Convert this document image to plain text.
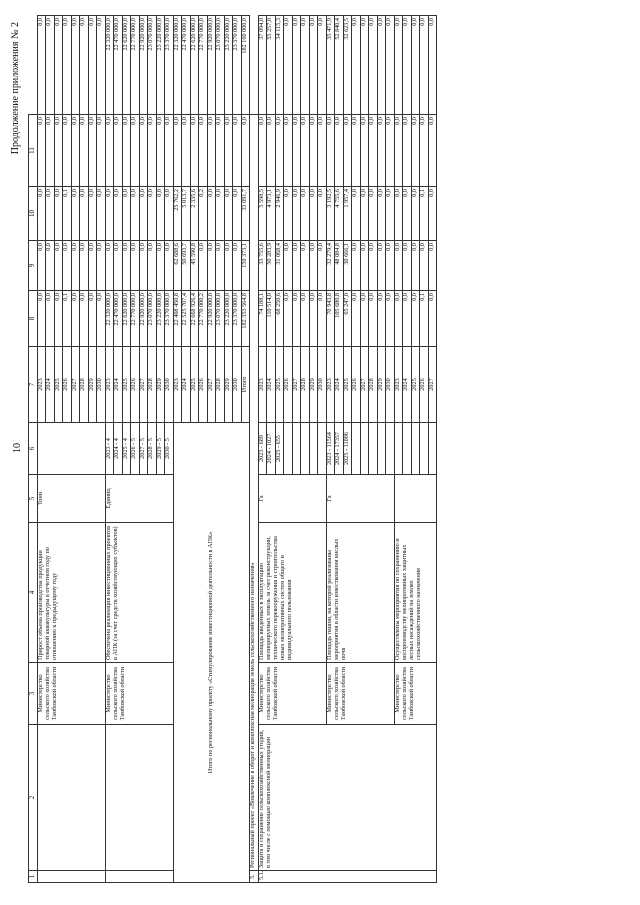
10
Продолжение приложения № 2
1	2	3	4	5	6	7	8	9	10	11	
		Министерство сельского хозяйства Тамбовской области	Прирост объема производства продукции товарной аквакультуры в отчетном году по отношению к предыдущему году	Тонн		2023	0,0	0,0	0,0	0,0	0,0
						2024	0,0	0,0	0,0	0,0	0,0
						2025	0,0	0,0	0,0	0,0	0,0
						2026	0,1	0,0	0,1	0,0	0,0
						2027	0,0	0,0	0,0	0,0	0,0
						2028	0,0	0,0	0,0	0,0	0,0
						2029	0,0	0,0	0,0	0,0	0,0
						2030	0,0	0,0	0,0	0,0	0,0
		Министерство сельского хозяйства Тамбовской области	Обеспечена реализация инвестиционных проектов в АПК (за счет средств хозяйствующих субъектов)	Единиц	2023 - 4	2023	22 320 000,0	0,0	0,0	0,0	22 320 000,0
					2024 - 4	2024	22 470 000,0	0,0	0,0	0,0	22 470 000,0
					2025 - 4	2025	22 620 000,0	0,0	0,0	0,0	22 620 000,0
					2026 - 5	2026	22 770 000,0	0,0	0,0	0,0	22 770 000,0
					2027 - 5	2027	22 920 000,0	0,0	0,0	0,0	22 920 000,0
					2028 - 5	2028	23 070 000,0	0,0	0,0	0,0	23 070 000,0
					2029 - 5	2029	23 220 000,0	0,0	0,0	0,0	23 220 000,0
					2030 - 5	2030	23 370 000,0	0,0	0,0	0,0	23 370 000,0
Итого по региональному проекту «Стимулирование инвестиционной деятельности в АПК»						2023	22 408 450,8	62 688,6	25 762,2	0,0	22 320 000,0
						2024	22 525 707,4	50 693,7	5 013,7	0,0	22 470 000,0
						2025	22 668 926,4	45 590,8	2 335,6	0,0	22 620 000,0
						2026	22 770 000,2	0,0	0,2	0,0	22 770 000,0
						2027	22 920 000,0	0,0	0,0	0,0	22 920 000,0
						2028	23 070 000,0	0,0	0,0	0,0	23 070 000,0
						2029	23 220 000,0	0,0	0,0	0,0	23 220 000,0
						2030	23 370 000,0	0,0	0,0	0,0	23 370 000,0
						Итого	182 353 564,8	159 373,1	33 091,7	0,0	182 160 000,0
5.	Региональный проект «Вовлечение в оборот и комплексная мелиорация земель сельскохозяйственного назначения»										
5.1.	Защита и сохранение сельскохозяйственных угодий, в том числе с помощью комплексной мелиорации	Министерство сельского хозяйства Тамбовской области	Площадь введенных в эксплуатацию мелиорируемых земель за счет реконструкции, технического перевооружения и строительства новых мелиоративных систем общего и индивидуального пользования	Га	2023 - 689	2023	74 188,1	33 755,6	5 598,5	0,0	37 094,0
					2024 - 1027	2024	110 514,0	50 283,9	4 973,1	0,0	55 257,0
					2025 - 655	2025	68 250,6	31 068,4	2 946,9	0,0	34 115,3
						2026	0,0	0,0	0,0	0,0	0,0
						2027	0,0	0,0	0,0	0,0	0,0
						2028	0,0	0,0	0,0	0,0	0,0
						2029	0,0	0,0	0,0	0,0	0,0
						2030	0,0	0,0	0,0	0,0	0,0
		Министерство сельского хозяйства Тамбовской области	Площадь пашни, на которой реализованы мероприятия в области известкования кислых почв	Га	2023 - 11564	2023	70 943,8	32 279,4	3 192,5	0,0	35 471,9
					2024 - 17357	2024	105 680,8	48 084,8	4 755,6	0,0	52 840,4
					2025 - 11006	2025	65 247,0	30 666,1	1 957,4	0,0	32 623,5
						2026	0,0	0,0	0,0	0,0	0,0
						2027	0,0	0,0	0,0	0,0	0,0
						2028	0,0	0,0	0,0	0,0	0,0
						2029	0,0	0,0	0,0	0,0	0,0
						2030	0,0	0,0	0,0	0,0	0,0
		Министерство сельского хозяйства Тамбовской области	Осуществлены мероприятия по сохранению и воспроизводству мелиоративных защитных лесных насаждений на землях сельскохозяйственного назначения			2023	0,0	0,0	0,0	0,0	0,0
						2024	0,0	0,0	0,0	0,0	0,0
						2025	0,0	0,0	0,0	0,0	0,0
						2026	0,1	0,0	0,1	0,0	0,0
						2027	0,0	0,0	0,0	0,0	0,0
